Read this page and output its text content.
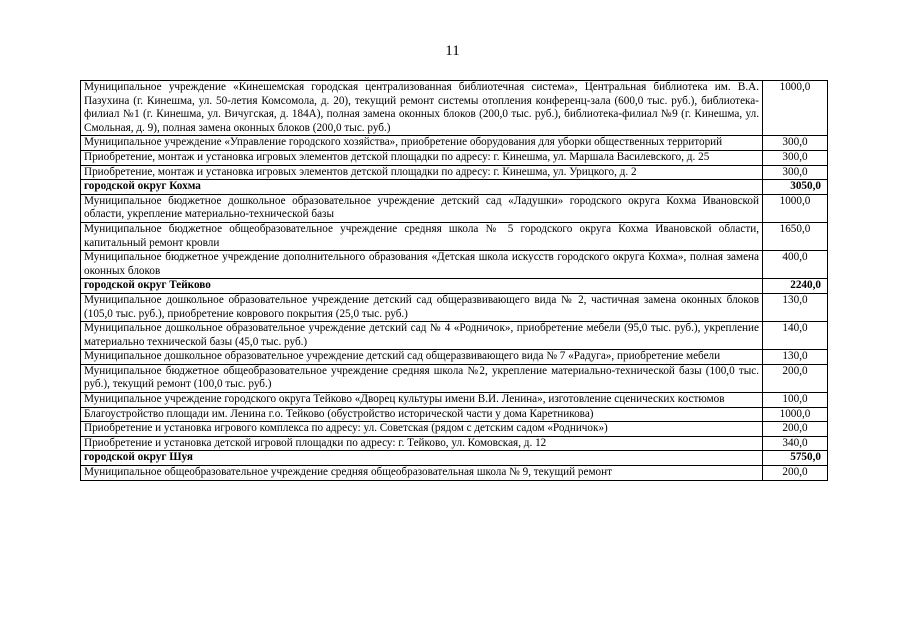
11
Муниципальное учреждение «Кинешемская городская централизованная библиотечная система», Центральная библиотека им. В.А. Пазухина (г. Кинешма, ул. 50-летия Комсомола, д. 20), текущий ремонт системы отопления конференц-зала (600,0 тыс. руб.), библиотека-филиал №1 (г. Кинешма, ул. Вичугская, д. 184А), полная замена оконных блоков (200,0 тыс. руб.), библиотека-филиал №9 (г. Кинешма, ул. Смольная, д. 9), полная замена оконных блоков (200,0 тыс. руб.)	1000,0
Муниципальное учреждение «Управление городского хозяйства», приобретение оборудования для уборки общественных территорий	300,0
Приобретение, монтаж и установка игровых элементов детской площадки по адресу: г. Кинешма, ул. Маршала Василевского, д. 25	300,0
Приобретение, монтаж и установка игровых элементов детской площадки по адресу: г. Кинешма, ул. Урицкого, д. 2	300,0
городской округ Кохма	3050,0
Муниципальное бюджетное дошкольное образовательное учреждение детский сад «Ладушки» городского округа Кохма Ивановской области, укрепление материально-технической базы	1000,0
Муниципальное бюджетное общеобразовательное учреждение средняя школа № 5 городского округа Кохма Ивановской области, капитальный ремонт кровли	1650,0
Муниципальное бюджетное учреждение дополнительного образования «Детская школа искусств городского округа Кохма», полная замена оконных блоков	400,0
городской округ Тейково	2240,0
Муниципальное дошкольное образовательное учреждение детский сад общеразвивающего вида № 2, частичная замена оконных блоков (105,0 тыс. руб.), приобретение коврового покрытия (25,0 тыс. руб.)	130,0
Муниципальное дошкольное образовательное учреждение детский сад № 4 «Родничок», приобретение мебели (95,0 тыс. руб.), укрепление материально технической базы (45,0 тыс. руб.)	140,0
Муниципальное дошкольное образовательное учреждение детский сад общеразвивающего вида № 7 «Радуга», приобретение мебели	130,0
Муниципальное бюджетное общеобразовательное учреждение средняя школа №2, укрепление материально-технической базы (100,0 тыс. руб.), текущий ремонт (100,0 тыс. руб.)	200,0
Муниципальное учреждение городского округа Тейково «Дворец культуры имени В.И. Ленина», изготовление сценических костюмов	100,0
Благоустройство площади им. Ленина г.о. Тейково (обустройство исторической части у дома Каретникова)	1000,0
Приобретение и установка игрового комплекса по адресу: ул. Советская (рядом с детским садом «Родничок»)	200,0
Приобретение и установка детской игровой площадки по адресу: г. Тейково, ул. Комовская, д. 12	340,0
городской округ Шуя	5750,0
Муниципальное общеобразовательное учреждение средняя общеобразовательная школа № 9, текущий ремонт	200,0
